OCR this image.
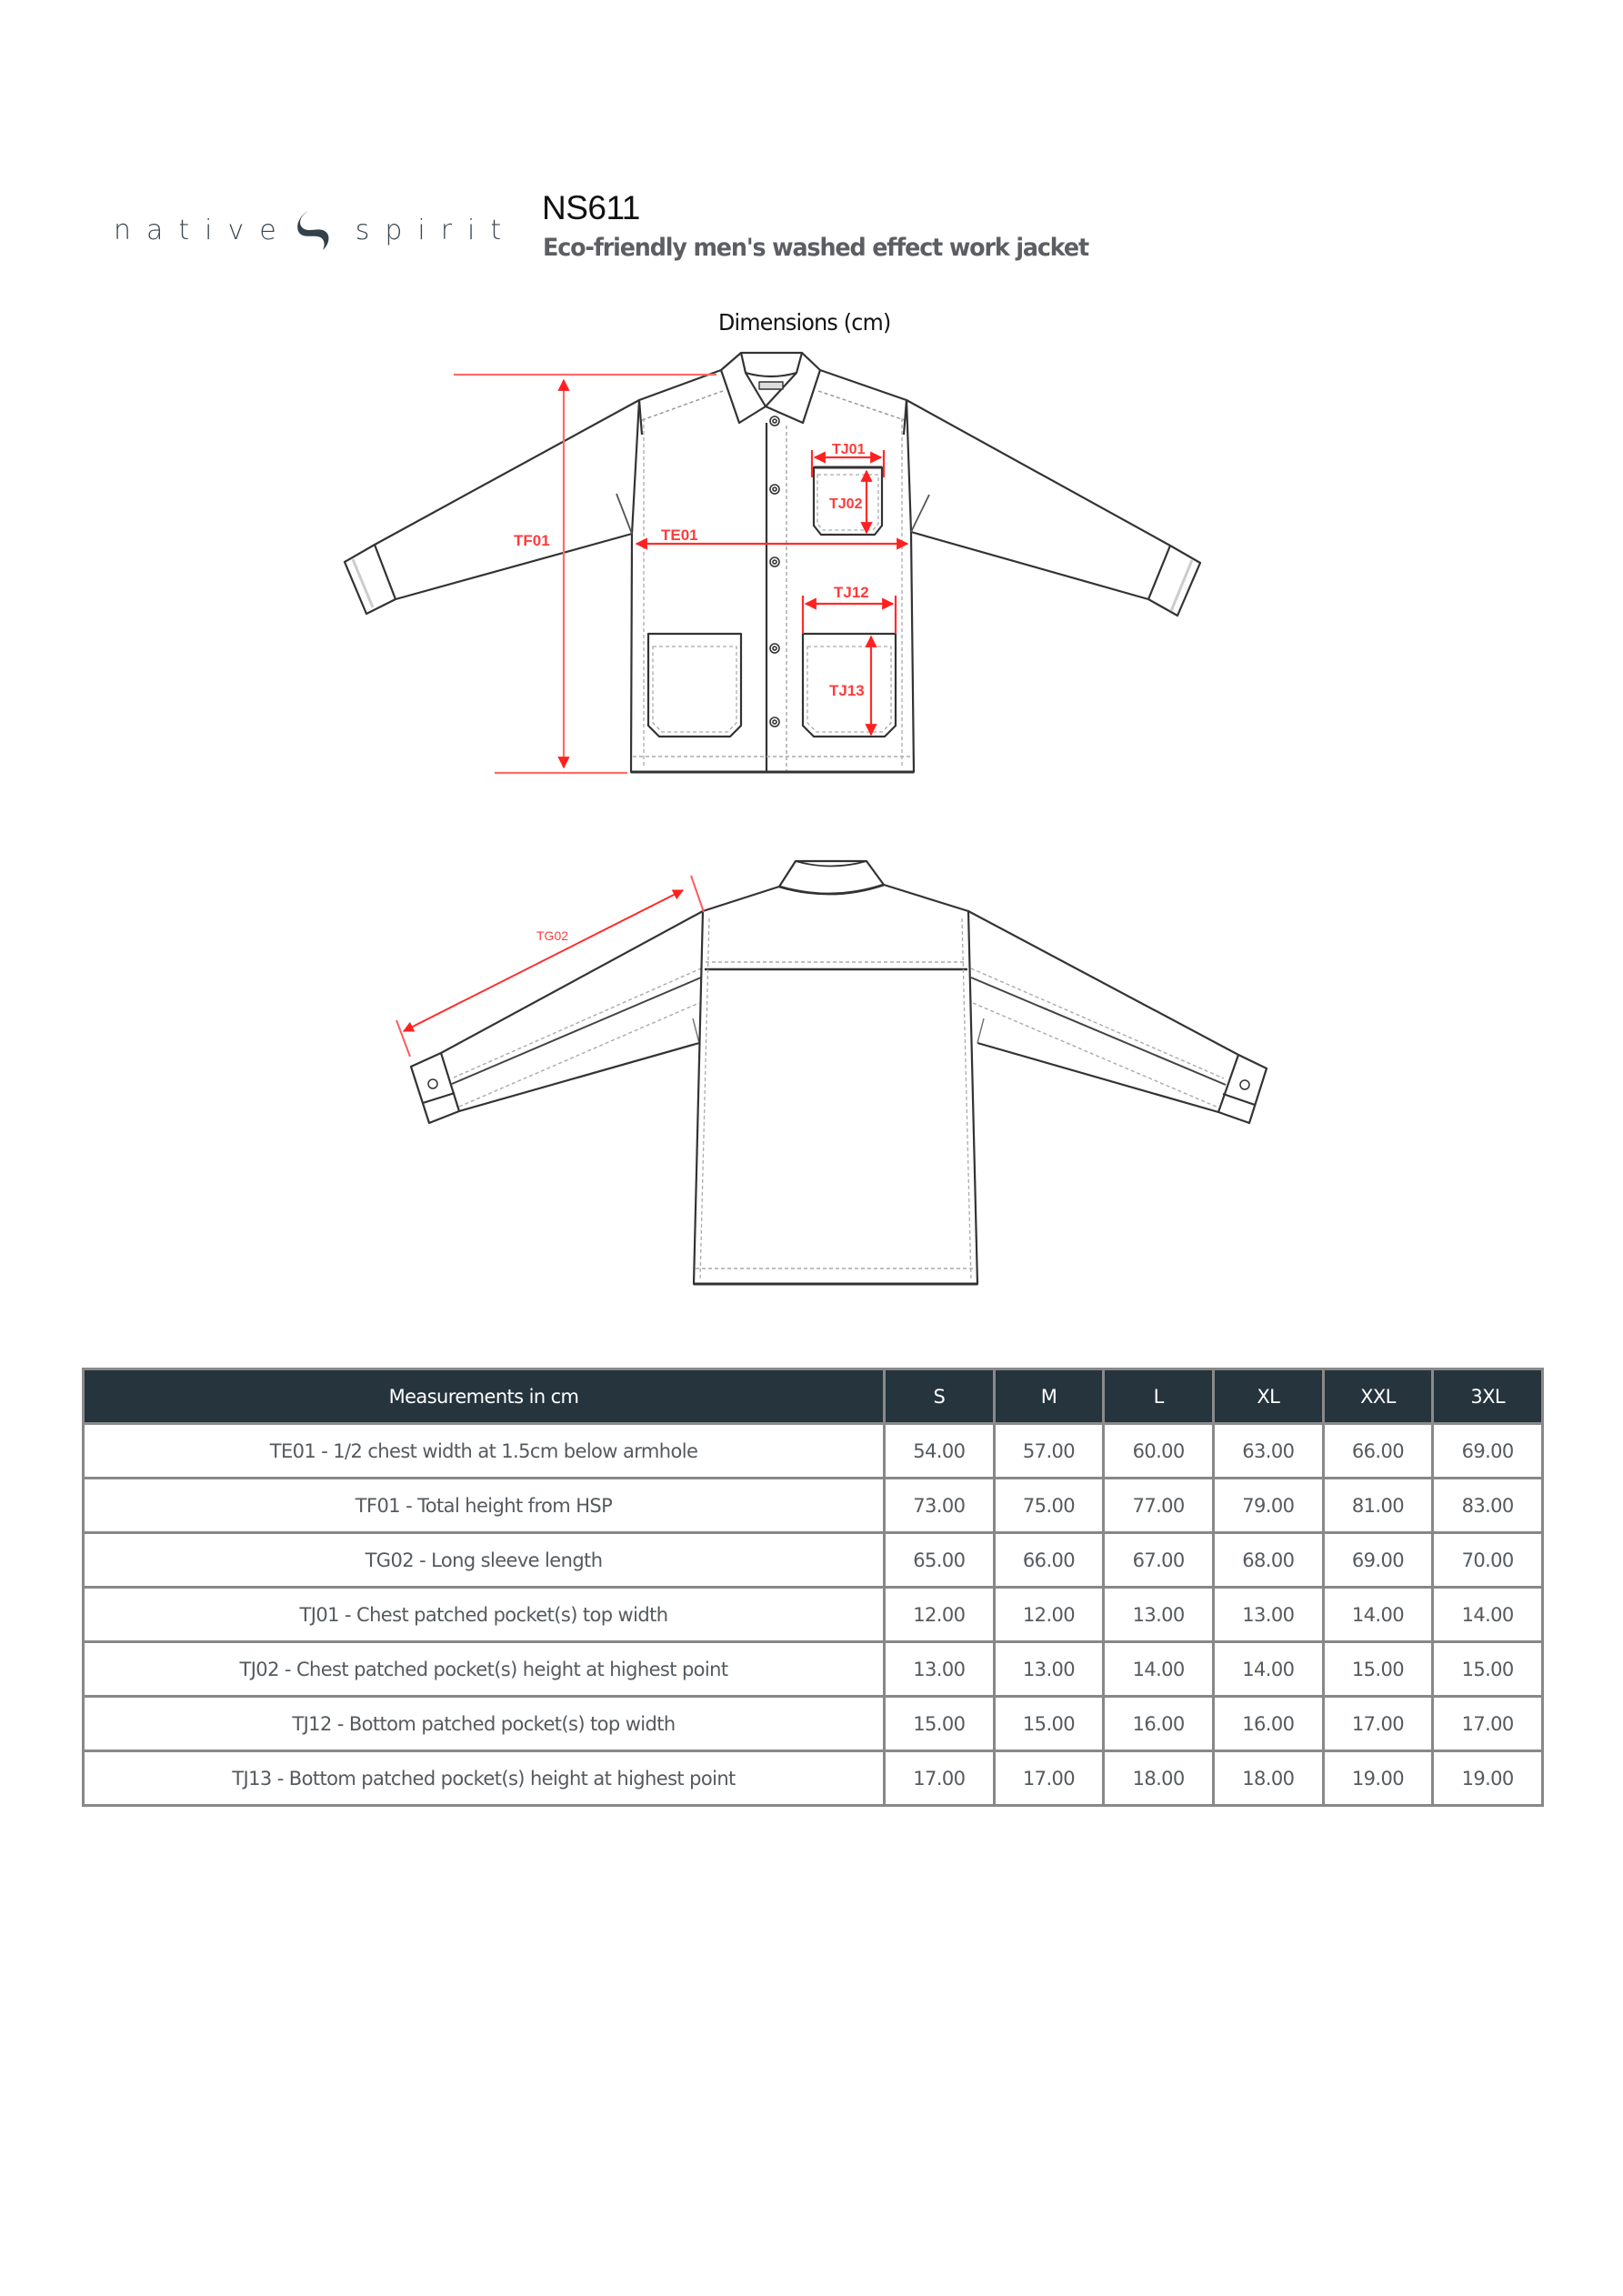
native spirit
NS611
Eco-friendly men's washed effect work jacket
Dimensions (cm)
TF01	TE01
TJ01
TJ02
TJ12
TJ13
TG02
Measurements in cm	S	M	L	XL	XXL	3XL
TE01 - 1/2 chest width at 1.5cm below armhole	54.00	57.00	60.00	63.00	66.00	69.00
TF01 - Total height from HSP	73.00	75.00	77.00	79.00	81.00	83.00
TG02 - Long sleeve length	65.00	66.00	67.00	68.00	69.00	70.00
TJ01 - Chest patched pocket(s) top width	12.00	12.00	13.00	13.00	14.00	14.00
TJ02 - Chest patched pocket(s) height at highest point	13.00	13.00	14.00	14.00	15.00	15.00
TJ12 - Bottom patched pocket(s) top width	15.00	15.00	16.00	16.00	17.00	17.00
TJ13 - Bottom patched pocket(s) height at highest point	17.00	17.00	18.00	18.00	19.00	19.00
